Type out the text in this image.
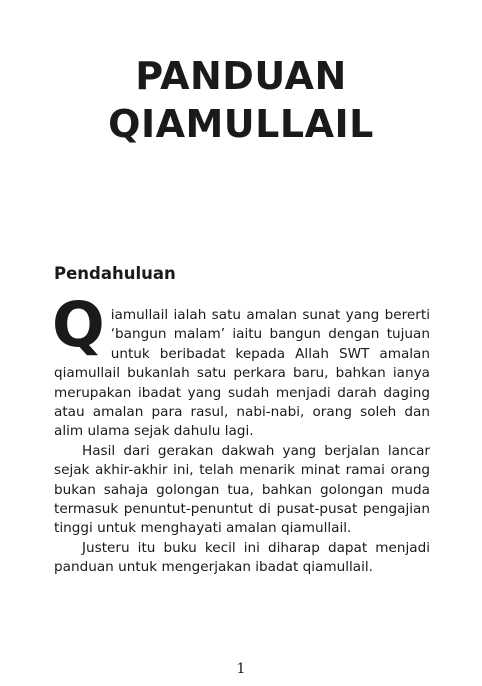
PANDUAN
QIAMULLAIL
Pendahuluan

Qiamullail ialah satu amalan sunat yang bererti ‘bangun malam’ iaitu bangun dengan tujuan untuk beribadat kepada Allah SWT amalan qiamullail bukanlah satu perkara baru, bahkan ianya merupakan ibadat yang sudah menjadi darah daging atau amalan para rasul, nabi-nabi, orang soleh dan alim ulama sejak dahulu lagi.

Hasil dari gerakan dakwah yang berjalan lancar sejak akhir-akhir ini, telah menarik minat ramai orang bukan sahaja golongan tua, bahkan golongan muda termasuk penuntut-penuntut di pusat-pusat pengajian tinggi untuk menghayati amalan qiamullail.

Justeru itu buku kecil ini diharap dapat menjadi panduan untuk mengerjakan ibadat qiamullail.

1
